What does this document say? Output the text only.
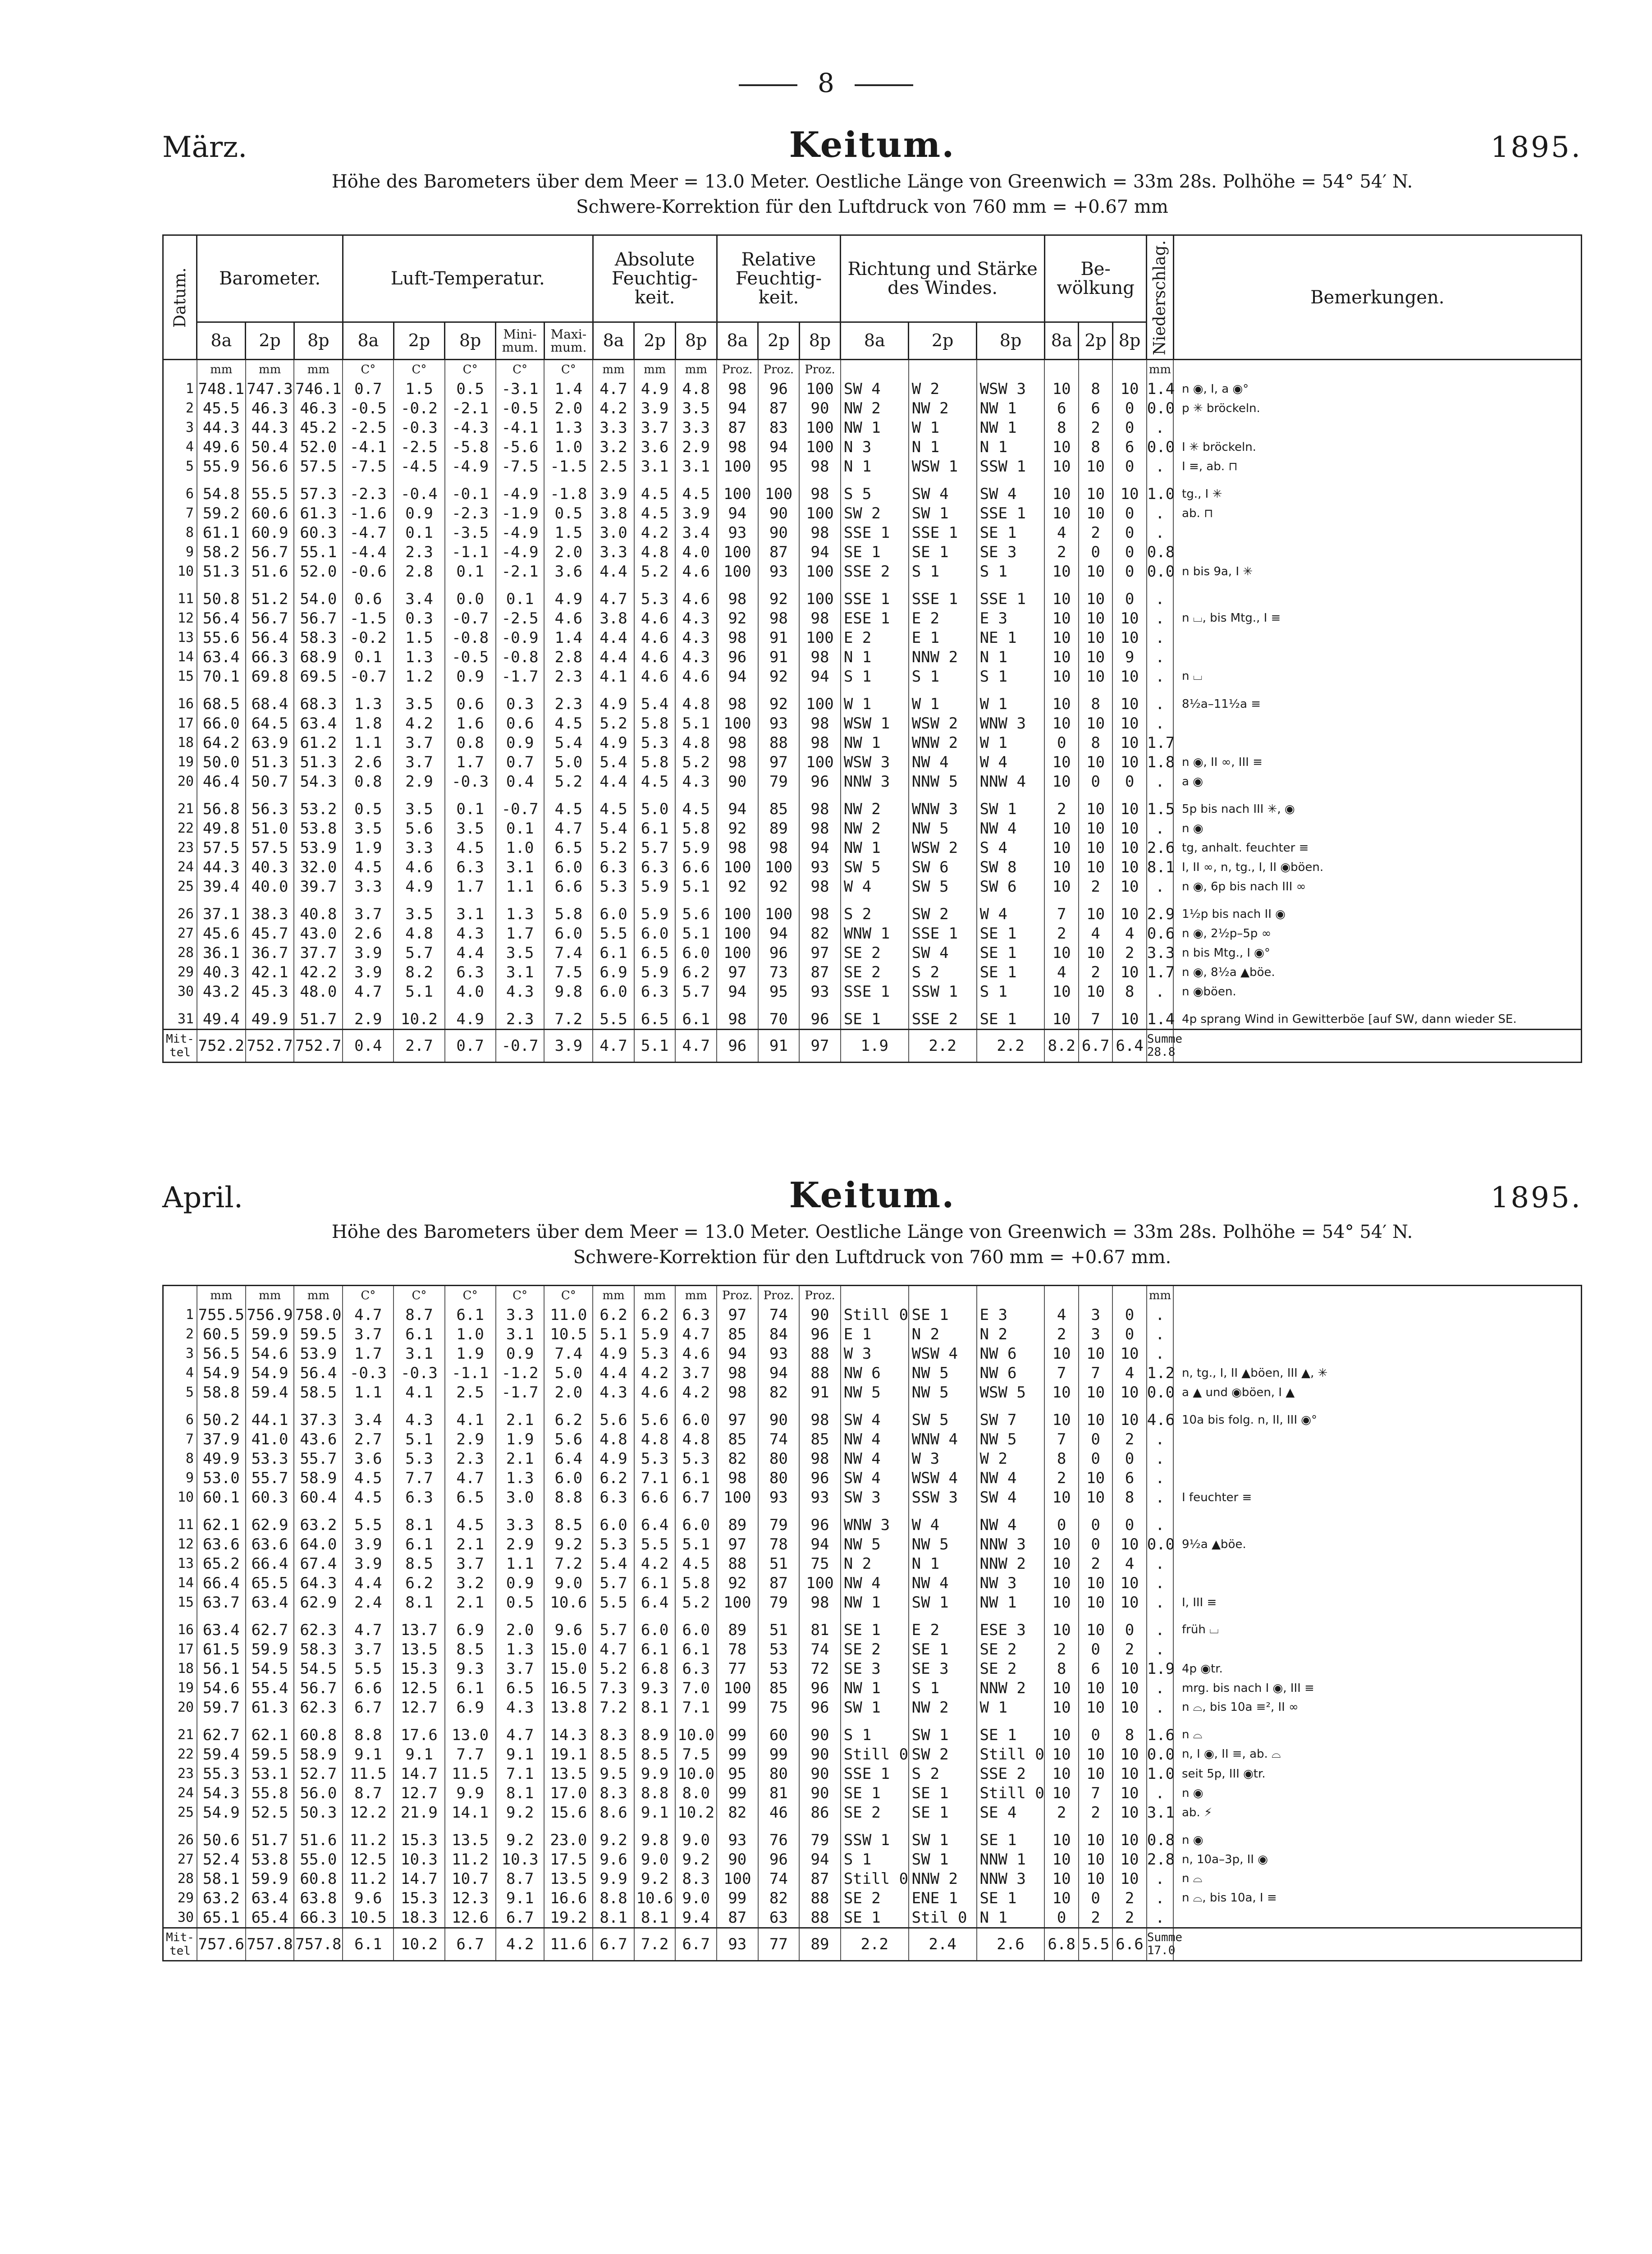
8
März.	Keitum.	1895.
Höhe des Barometers über dem Meer = 13.0 Meter. Oestliche Länge von Greenwich = 33m 28s. Polhöhe = 54° 54′ N.
Schwere-Korrektion für den Luftdruck von 760 mm = +0.67 mm
Datum.	Barometer.			Luft-Temperatur.					Absolute Feuchtig-keit.			Relative Feuchtig-keit.			Richtung und Stärke des Windes.			Be-wölkung			Niederschlag.	Bemerkungen.
	8a	2p	8p	8a	2p	8p	Mini-mum.	Maxi-mum.	8a	2p	8p	8a	2p	8p	8a	2p	8p	8a	2p	8p		
	mm	mm	mm	C°	C°	C°	C°	C°	mm	mm	mm	Proz.	Proz.	Proz.							mm	
1	748.1	747.3	746.1	0.7	1.5	0.5	-3.1	1.4	4.7	4.9	4.8	98	96	100	SW 4	W 2	WSW 3	10	8	10	1.4	n ◉, I, a ◉°
2	45.5	46.3	46.3	-0.5	-0.2	-2.1	-0.5	2.0	4.2	3.9	3.5	94	87	90	NW 2	NW 2	NW 1	6	6	0	0.0	p ✳ bröckeln.
3	44.3	44.3	45.2	-2.5	-0.3	-4.3	-4.1	1.3	3.3	3.7	3.3	87	83	100	NW 1	W 1	NW 1	8	2	0	.	
4	49.6	50.4	52.0	-4.1	-2.5	-5.8	-5.6	1.0	3.2	3.6	2.9	98	94	100	N 3	N 1	N 1	10	8	6	0.0	I ✳ bröckeln.
5	55.9	56.6	57.5	-7.5	-4.5	-4.9	-7.5	-1.5	2.5	3.1	3.1	100	95	98	N 1	WSW 1	SSW 1	10	10	0	.	I ≡, ab. ⊓

6	54.8	55.5	57.3	-2.3	-0.4	-0.1	-4.9	-1.8	3.9	4.5	4.5	100	100	98	S 5	SW 4	SW 4	10	10	10	1.0	tg., I ✳
7	59.2	60.6	61.3	-1.6	0.9	-2.3	-1.9	0.5	3.8	4.5	3.9	94	90	100	SW 2	SW 1	SSE 1	10	10	0	.	ab. ⊓
8	61.1	60.9	60.3	-4.7	0.1	-3.5	-4.9	1.5	3.0	4.2	3.4	93	90	98	SSE 1	SSE 1	SE 1	4	2	0	.	
9	58.2	56.7	55.1	-4.4	2.3	-1.1	-4.9	2.0	3.3	4.8	4.0	100	87	94	SE 1	SE 1	SE 3	2	0	0	0.8	
10	51.3	51.6	52.0	-0.6	2.8	0.1	-2.1	3.6	4.4	5.2	4.6	100	93	100	SSE 2	S 1	S 1	10	10	0	0.0	n bis 9a, I ✳

11	50.8	51.2	54.0	0.6	3.4	0.0	0.1	4.9	4.7	5.3	4.6	98	92	100	SSE 1	SSE 1	SSE 1	10	10	0	.	
12	56.4	56.7	56.7	-1.5	0.3	-0.7	-2.5	4.6	3.8	4.6	4.3	92	98	98	ESE 1	E 2	E 3	10	10	10	.	n ⌴, bis Mtg., I ≡
13	55.6	56.4	58.3	-0.2	1.5	-0.8	-0.9	1.4	4.4	4.6	4.3	98	91	100	E 2	E 1	NE 1	10	10	10	.	
14	63.4	66.3	68.9	0.1	1.3	-0.5	-0.8	2.8	4.4	4.6	4.3	96	91	98	N 1	NNW 2	N 1	10	10	9	.	
15	70.1	69.8	69.5	-0.7	1.2	0.9	-1.7	2.3	4.1	4.6	4.6	94	92	94	S 1	S 1	S 1	10	10	10	.	n ⌴

16	68.5	68.4	68.3	1.3	3.5	0.6	0.3	2.3	4.9	5.4	4.8	98	92	100	W 1	W 1	W 1	10	8	10	.	8½a–11½a ≡
17	66.0	64.5	63.4	1.8	4.2	1.6	0.6	4.5	5.2	5.8	5.1	100	93	98	WSW 1	WSW 2	WNW 3	10	10	10	.	
18	64.2	63.9	61.2	1.1	3.7	0.8	0.9	5.4	4.9	5.3	4.8	98	88	98	NW 1	WNW 2	W 1	0	8	10	1.7	
19	50.0	51.3	51.3	2.6	3.7	1.7	0.7	5.0	5.4	5.8	5.2	98	97	100	WSW 3	NW 4	W 4	10	10	10	1.8	n ◉, II ∞, III ≡
20	46.4	50.7	54.3	0.8	2.9	-0.3	0.4	5.2	4.4	4.5	4.3	90	79	96	NNW 3	NNW 5	NNW 4	10	0	0	.	a ◉

21	56.8	56.3	53.2	0.5	3.5	0.1	-0.7	4.5	4.5	5.0	4.5	94	85	98	NW 2	WNW 3	SW 1	2	10	10	1.5	5p bis nach III ✳, ◉
22	49.8	51.0	53.8	3.5	5.6	3.5	0.1	4.7	5.4	6.1	5.8	92	89	98	NW 2	NW 5	NW 4	10	10	10	.	n ◉
23	57.5	57.5	53.9	1.9	3.3	4.5	1.0	6.5	5.2	5.7	5.9	98	98	94	NW 1	WSW 2	S 4	10	10	10	2.6	tg, anhalt. feuchter ≡
24	44.3	40.3	32.0	4.5	4.6	6.3	3.1	6.0	6.3	6.3	6.6	100	100	93	SW 5	SW 6	SW 8	10	10	10	8.1	I, II ∞, n, tg., I, II ◉böen.
25	39.4	40.0	39.7	3.3	4.9	1.7	1.1	6.6	5.3	5.9	5.1	92	92	98	W 4	SW 5	SW 6	10	2	10	.	n ◉, 6p bis nach III ∞

26	37.1	38.3	40.8	3.7	3.5	3.1	1.3	5.8	6.0	5.9	5.6	100	100	98	S 2	SW 2	W 4	7	10	10	2.9	1½p bis nach II ◉
27	45.6	45.7	43.0	2.6	4.8	4.3	1.7	6.0	5.5	6.0	5.1	100	94	82	WNW 1	SSE 1	SE 1	2	4	4	0.6	n ◉, 2½p–5p ∞
28	36.1	36.7	37.7	3.9	5.7	4.4	3.5	7.4	6.1	6.5	6.0	100	96	97	SE 2	SW 4	SE 1	10	10	2	3.3	n bis Mtg., I ◉°
29	40.3	42.1	42.2	3.9	8.2	6.3	3.1	7.5	6.9	5.9	6.2	97	73	87	SE 2	S 2	SE 1	4	2	10	1.7	n ◉, 8½a ▲böe.
30	43.2	45.3	48.0	4.7	5.1	4.0	4.3	9.8	6.0	6.3	5.7	94	95	93	SSE 1	SSW 1	S 1	10	10	8	.	n ◉böen.

31	49.4	49.9	51.7	2.9	10.2	4.9	2.3	7.2	5.5	6.5	6.1	98	70	96	SE 1	SSE 2	SE 1	10	7	10	1.4	4p sprang Wind in Gewitterböe [auf SW, dann wieder SE.
Mit-tel	752.2	752.7	752.7	0.4	2.7	0.7	-0.7	3.9	4.7	5.1	4.7	96	91	97	1.9	2.2	2.2	8.2	6.7	6.4	Summe 28.8	
April.	Keitum.	1895.
Höhe des Barometers über dem Meer = 13.0 Meter. Oestliche Länge von Greenwich = 33m 28s. Polhöhe = 54° 54′ N.
Schwere-Korrektion für den Luftdruck von 760 mm = +0.67 mm.
	mm	mm	mm	C°	C°	C°	C°	C°	mm	mm	mm	Proz.	Proz.	Proz.							mm	
1	755.5	756.9	758.0	4.7	8.7	6.1	3.3	11.0	6.2	6.2	6.3	97	74	90	Still 0	SE 1	E 3	4	3	0	.	
2	60.5	59.9	59.5	3.7	6.1	1.0	3.1	10.5	5.1	5.9	4.7	85	84	96	E 1	N 2	N 2	2	3	0	.	
3	56.5	54.6	53.9	1.7	3.1	1.9	0.9	7.4	4.9	5.3	4.6	94	93	88	W 3	WSW 4	NW 6	10	10	10	.	
4	54.9	54.9	56.4	-0.3	-0.3	-1.1	-1.2	5.0	4.4	4.2	3.7	98	94	88	NW 6	NW 5	NW 6	7	7	4	1.2	n, tg., I, II ▲böen, III ▲, ✳
5	58.8	59.4	58.5	1.1	4.1	2.5	-1.7	2.0	4.3	4.6	4.2	98	82	91	NW 5	NW 5	WSW 5	10	10	10	0.0	a ▲ und ◉böen, I ▲

6	50.2	44.1	37.3	3.4	4.3	4.1	2.1	6.2	5.6	5.6	6.0	97	90	98	SW 4	SW 5	SW 7	10	10	10	4.6	10a bis folg. n, II, III ◉°
7	37.9	41.0	43.6	2.7	5.1	2.9	1.9	5.6	4.8	4.8	4.8	85	74	85	NW 4	WNW 4	NW 5	7	0	2	.	
8	49.9	53.3	55.7	3.6	5.3	2.3	2.1	6.4	4.9	5.3	5.3	82	80	98	NW 4	W 3	W 2	8	0	0	.	
9	53.0	55.7	58.9	4.5	7.7	4.7	1.3	6.0	6.2	7.1	6.1	98	80	96	SW 4	WSW 4	NW 4	2	10	6	.	
10	60.1	60.3	60.4	4.5	6.3	6.5	3.0	8.8	6.3	6.6	6.7	100	93	93	SW 3	SSW 3	SW 4	10	10	8	.	I feuchter ≡

11	62.1	62.9	63.2	5.5	8.1	4.5	3.3	8.5	6.0	6.4	6.0	89	79	96	WNW 3	W 4	NW 4	0	0	0	.	
12	63.6	63.6	64.0	3.9	6.1	2.1	2.9	9.2	5.3	5.5	5.1	97	78	94	NW 5	NW 5	NNW 3	10	0	10	0.0	9½a ▲böe.
13	65.2	66.4	67.4	3.9	8.5	3.7	1.1	7.2	5.4	4.2	4.5	88	51	75	N 2	N 1	NNW 2	10	2	4	.	
14	66.4	65.5	64.3	4.4	6.2	3.2	0.9	9.0	5.7	6.1	5.8	92	87	100	NW 4	NW 4	NW 3	10	10	10	.	
15	63.7	63.4	62.9	2.4	8.1	2.1	0.5	10.6	5.5	6.4	5.2	100	79	98	NW 1	SW 1	NW 1	10	10	10	.	I, III ≡

16	63.4	62.7	62.3	4.7	13.7	6.9	2.0	9.6	5.7	6.0	6.0	89	51	81	SE 1	E 2	ESE 3	10	10	0	.	früh ⌴
17	61.5	59.9	58.3	3.7	13.5	8.5	1.3	15.0	4.7	6.1	6.1	78	53	74	SE 2	SE 1	SE 2	2	0	2	.	
18	56.1	54.5	54.5	5.5	15.3	9.3	3.7	15.0	5.2	6.8	6.3	77	53	72	SE 3	SE 3	SE 2	8	6	10	1.9	4p ◉tr.
19	54.6	55.4	56.7	6.6	12.5	6.1	6.5	16.5	7.3	9.3	7.0	100	85	96	NW 1	S 1	NNW 2	10	10	10	.	mrg. bis nach I ◉, III ≡
20	59.7	61.3	62.3	6.7	12.7	6.9	4.3	13.8	7.2	8.1	7.1	99	75	96	SW 1	NW 2	W 1	10	10	10	.	n ⌓, bis 10a ≡², II ∞

21	62.7	62.1	60.8	8.8	17.6	13.0	4.7	14.3	8.3	8.9	10.0	99	60	90	S 1	SW 1	SE 1	10	0	8	1.6	n ⌓
22	59.4	59.5	58.9	9.1	9.1	7.7	9.1	19.1	8.5	8.5	7.5	99	99	90	Still 0	SW 2	Still 0	10	10	10	0.0	n, I ◉, II ≡, ab. ⌓
23	55.3	53.1	52.7	11.5	14.7	11.5	7.1	13.5	9.5	9.9	10.0	95	80	90	SSE 1	S 2	SSE 2	10	10	10	1.0	seit 5p, III ◉tr.
24	54.3	55.8	56.0	8.7	12.7	9.9	8.1	17.0	8.3	8.8	8.0	99	81	90	SE 1	SE 1	Still 0	10	7	10	.	n ◉
25	54.9	52.5	50.3	12.2	21.9	14.1	9.2	15.6	8.6	9.1	10.2	82	46	86	SE 2	SE 1	SE 4	2	2	10	3.1	ab. ⚡

26	50.6	51.7	51.6	11.2	15.3	13.5	9.2	23.0	9.2	9.8	9.0	93	76	79	SSW 1	SW 1	SE 1	10	10	10	0.8	n ◉
27	52.4	53.8	55.0	12.5	10.3	11.2	10.3	17.5	9.6	9.0	9.2	90	96	94	S 1	SW 1	NNW 1	10	10	10	2.8	n, 10a–3p, II ◉
28	58.1	59.9	60.8	11.2	14.7	10.7	8.7	13.5	9.9	9.2	8.3	100	74	87	Still 0	NNW 2	NNW 3	10	10	10	.	n ⌓
29	63.2	63.4	63.8	9.6	15.3	12.3	9.1	16.6	8.8	10.6	9.0	99	82	88	SE 2	ENE 1	SE 1	10	0	2	.	n ⌓, bis 10a, I ≡
30	65.1	65.4	66.3	10.5	18.3	12.6	6.7	19.2	8.1	8.1	9.4	87	63	88	SE 1	Stil 0	N 1	0	2	2	.	
Mit-tel	757.6	757.8	757.8	6.1	10.2	6.7	4.2	11.6	6.7	7.2	6.7	93	77	89	2.2	2.4	2.6	6.8	5.5	6.6	Summe 17.0	
